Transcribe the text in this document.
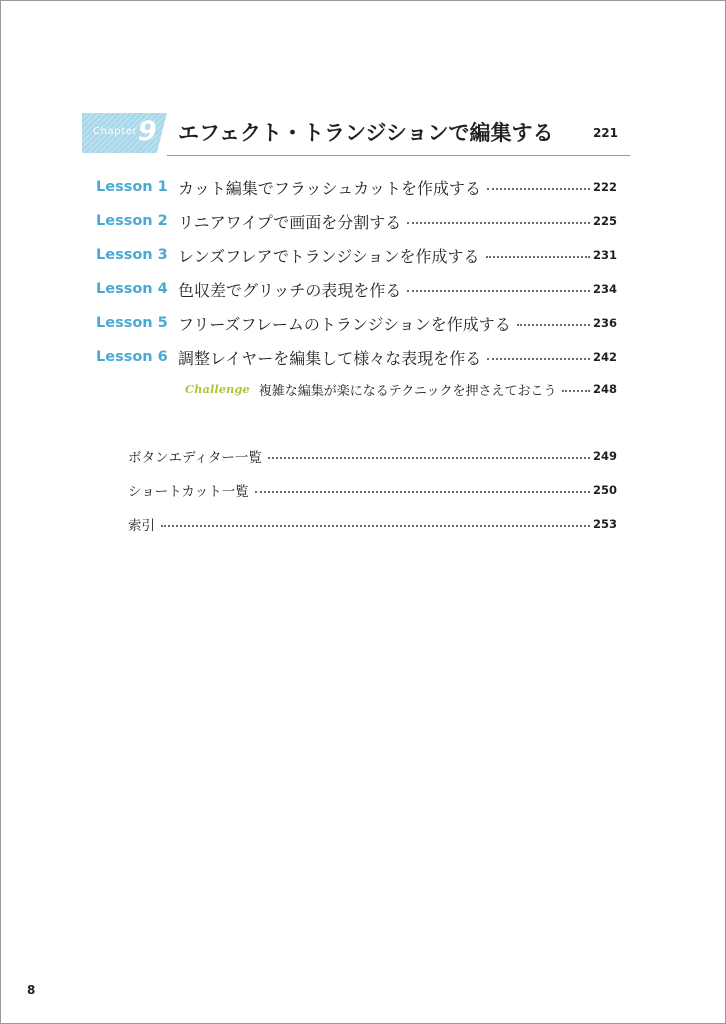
Chapter 9 エフェクト・トランジションで編集する	221
Lesson 1 カット編集でフラッシュカットを作成する	222
Lesson 2 リニアワイプで画面を分割する	225
Lesson 3 レンズフレアでトランジションを作成する	231
Lesson 4 色収差でグリッチの表現を作る	234
Lesson 5 フリーズフレームのトランジションを作成する	236
Lesson 6 調整レイヤーを編集して様々な表現を作る	242
Challenge 複雑な編集が楽になるテクニックを押さえておこう	248
ボタンエディター一覧	249
ショートカット一覧	250
索引	253
8
